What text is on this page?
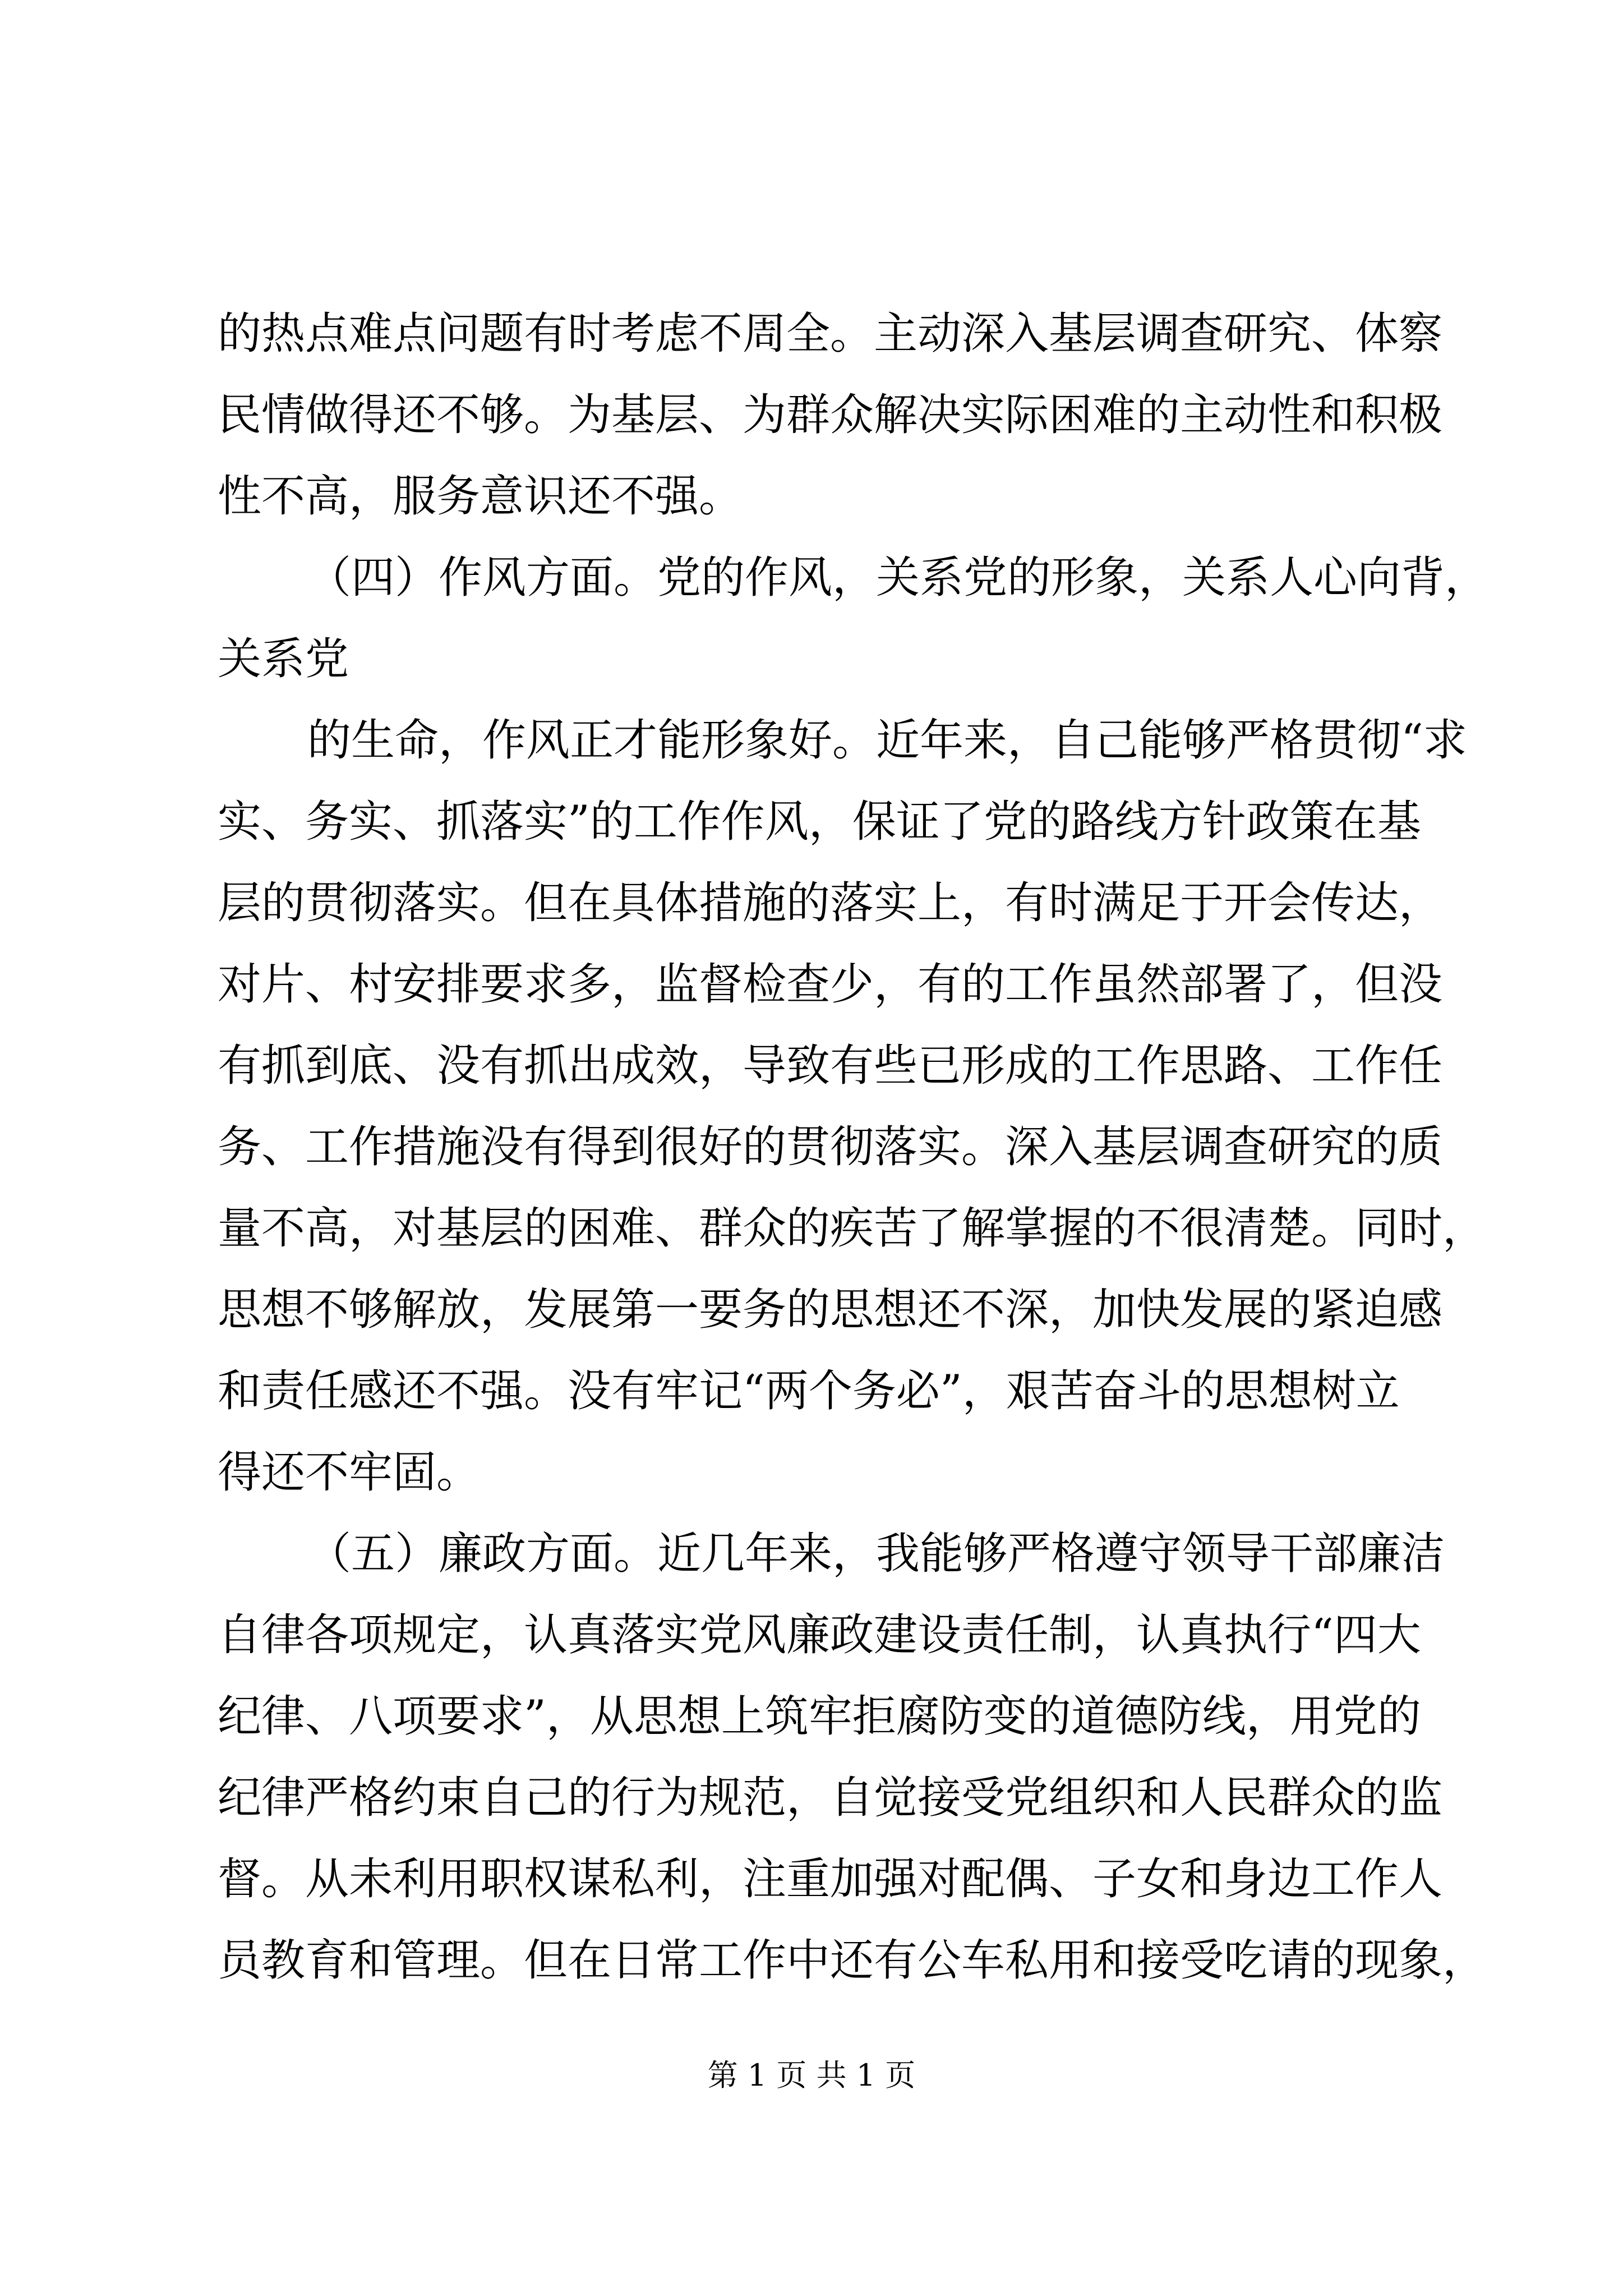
的热点难点问题有时考虑不周全。主动深入基层调查研究、体察
民情做得还不够。为基层、为群众解决实际困难的主动性和积极
性不高，服务意识还不强。
（四）作风方面。党的作风，关系党的形象，关系人心向背，
关系党
的生命，作风正才能形象好。近年来，自己能够严格贯彻“求
实、务实、抓落实”的工作作风，保证了党的路线方针政策在基
层的贯彻落实。但在具体措施的落实上，有时满足于开会传达，
对片、村安排要求多，监督检查少，有的工作虽然部署了，但没
有抓到底、没有抓出成效，导致有些已形成的工作思路、工作任
务、工作措施没有得到很好的贯彻落实。深入基层调查研究的质
量不高，对基层的困难、群众的疾苦了解掌握的不很清楚。同时，
思想不够解放，发展第一要务的思想还不深，加快发展的紧迫感
和责任感还不强。没有牢记“两个务必”，艰苦奋斗的思想树立
得还不牢固。
（五）廉政方面。近几年来，我能够严格遵守领导干部廉洁
自律各项规定，认真落实党风廉政建设责任制，认真执行“四大
纪律、八项要求”，从思想上筑牢拒腐防变的道德防线，用党的
纪律严格约束自己的行为规范，自觉接受党组织和人民群众的监
督。从未利用职权谋私利，注重加强对配偶、子女和身边工作人
员教育和管理。但在日常工作中还有公车私用和接受吃请的现象，
第 1 页 共 1 页
